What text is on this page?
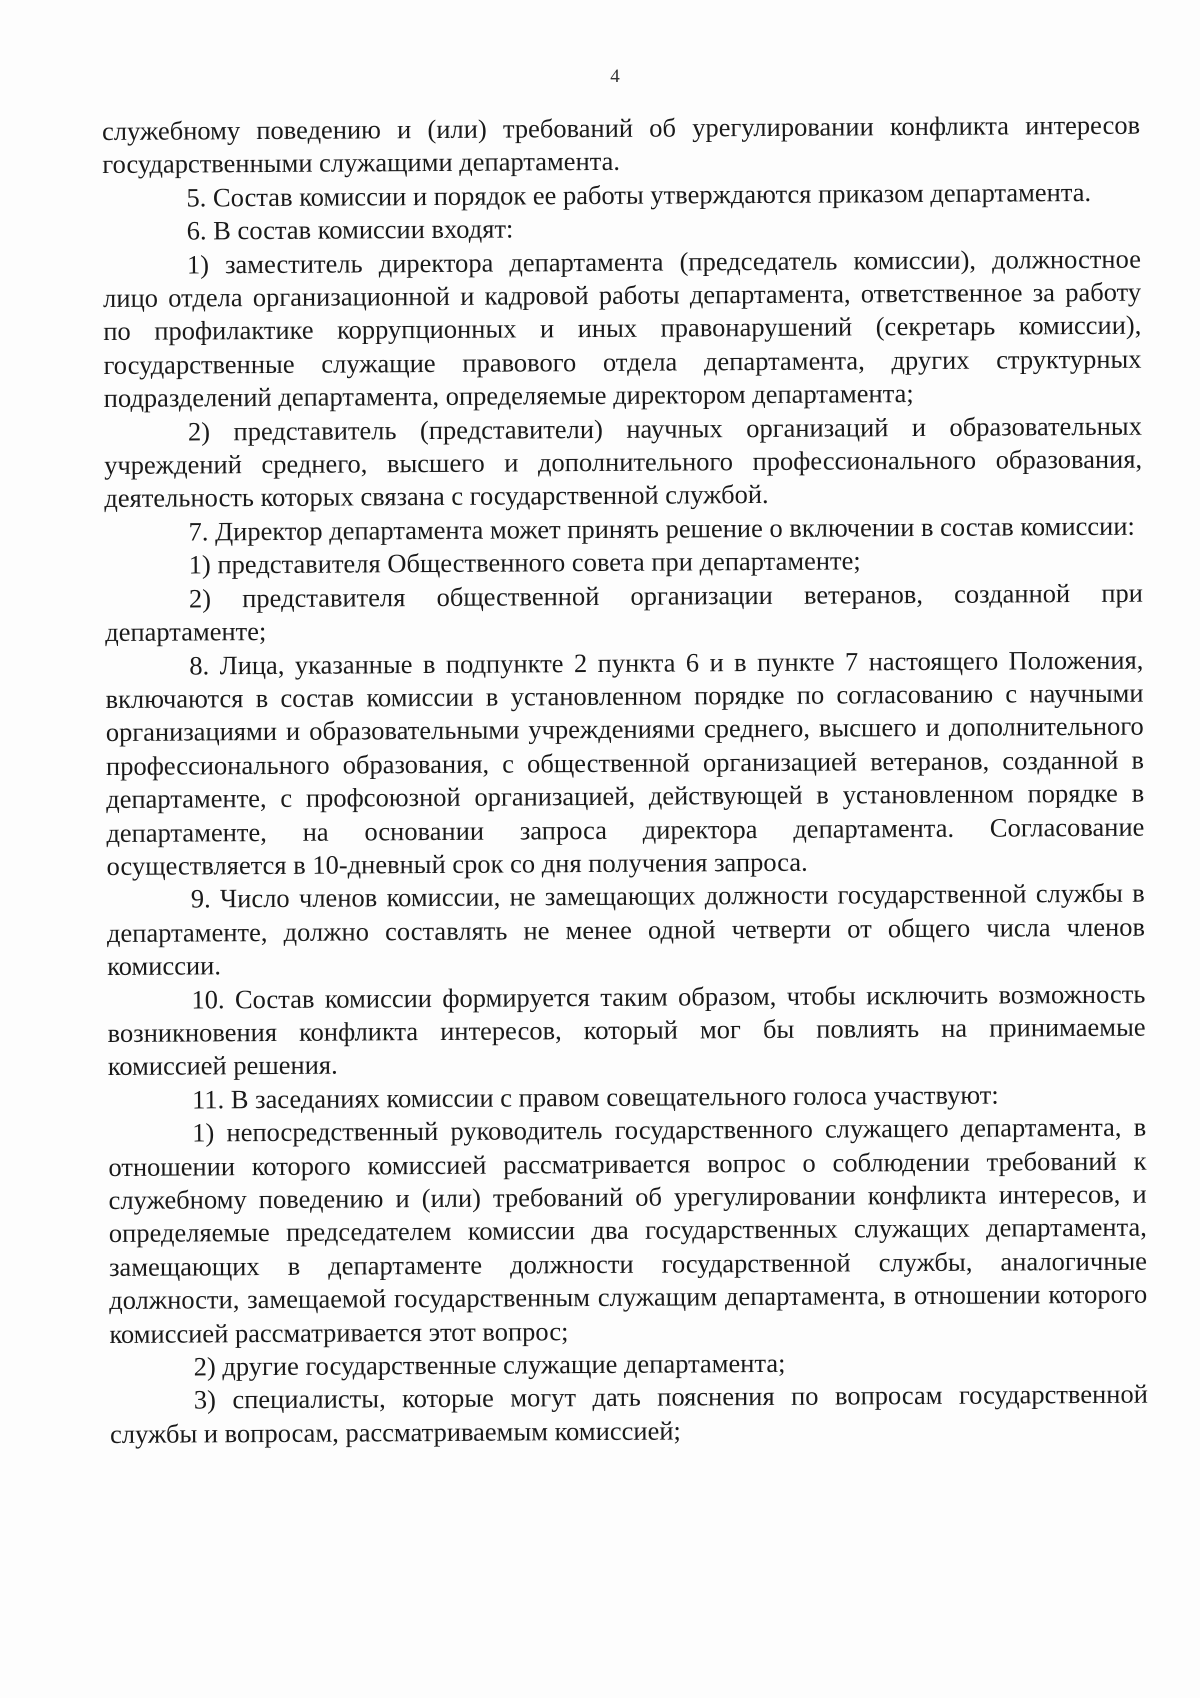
4

служебному поведению и (или) требований об урегулировании конфликта интересов государственными служащими департамента.

5. Состав комиссии и порядок ее работы утверждаются приказом департамента.

6. В состав комиссии входят:

1) заместитель директора департамента (председатель комиссии), должностное лицо отдела организационной и кадровой работы департамента, ответственное за работу по профилактике коррупционных и иных правонарушений (секретарь комиссии), государственные служащие правового отдела департамента, других структурных подразделений департамента, определяемые директором департамента;

2) представитель (представители) научных организаций и образовательных учреждений среднего, высшего и дополнительного профессионального образования, деятельность которых связана с государственной службой.

7. Директор департамента может принять решение о включении в состав комиссии:

1) представителя Общественного совета при департаменте;

2) представителя общественной организации ветеранов, созданной при департаменте;

8. Лица, указанные в подпункте 2 пункта 6 и в пункте 7 настоящего Положения, включаются в состав комиссии в установленном порядке по согласованию с научными организациями и образовательными учреждениями среднего, высшего и дополнительного профессионального образования, с общественной организацией ветеранов, созданной в департаменте, с профсоюзной организацией, действующей в установленном порядке в департаменте, на основании запроса директора департамента. Согласование осуществляется в 10-дневный срок со дня получения запроса.

9. Число членов комиссии, не замещающих должности государственной службы в департаменте, должно составлять не менее одной четверти от общего числа членов комиссии.

10. Состав комиссии формируется таким образом, чтобы исключить возможность возникновения конфликта интересов, который мог бы повлиять на принимаемые комиссией решения.

11. В заседаниях комиссии с правом совещательного голоса участвуют:

1) непосредственный руководитель государственного служащего департамента, в отношении которого комиссией рассматривается вопрос о соблюдении требований к служебному поведению и (или) требований об урегулировании конфликта интересов, и определяемые председателем комиссии два государственных служащих департамента, замещающих в департаменте должности государственной службы, аналогичные должности, замещаемой государственным служащим департамента, в отношении которого комиссией рассматривается этот вопрос;

2) другие государственные служащие департамента;

3) специалисты, которые могут дать пояснения по вопросам государственной службы и вопросам, рассматриваемым комиссией;
